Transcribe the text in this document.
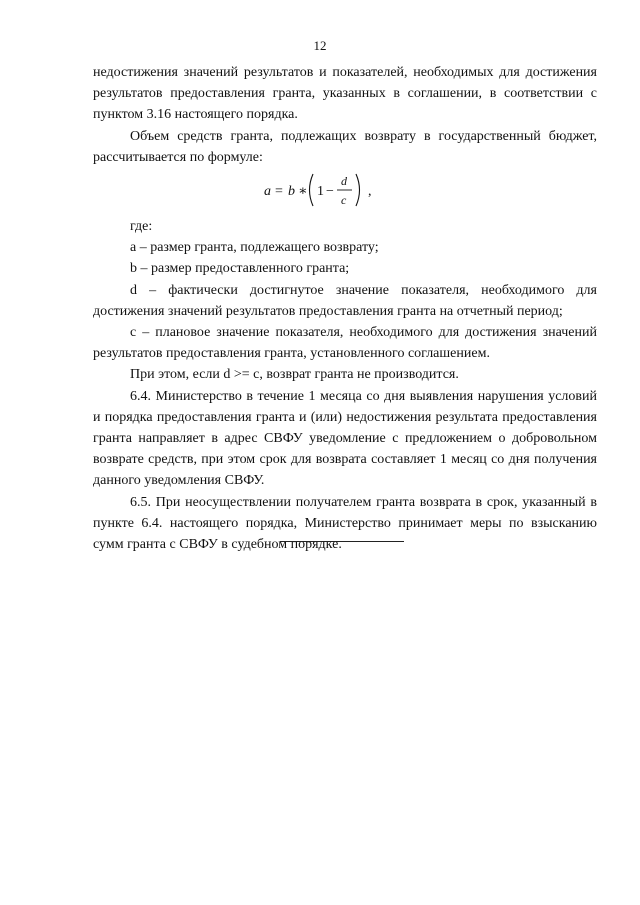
12

недостижения значений результатов и показателей, необходимых для достижения результатов предоставления гранта, указанных в соглашении, в соответствии с пунктом 3.16 настоящего порядка.

Объем средств гранта, подлежащих возврату в государственный бюджет, рассчитывается по формуле:

a = b ∗ 1 −
d
c
,

где:

a – размер гранта, подлежащего возврату;

b – размер предоставленного гранта;

d – фактически достигнутое значение показателя, необходимого для достижения значений результатов предоставления гранта на отчетный период;

c – плановое значение показателя, необходимого для достижения значений результатов предоставления гранта, установленного соглашением.

При этом, если d >= c, возврат гранта не производится.

6.4. Министерство в течение 1 месяца со дня выявления нарушения условий и порядка предоставления гранта и (или) недостижения результата предоставления гранта направляет в адрес СВФУ уведомление с предложением о добровольном возврате средств, при этом срок для возврата составляет 1 месяц со дня получения данного уведомления СВФУ.

6.5. При неосуществлении получателем гранта возврата в срок, указанный в пункте 6.4. настоящего порядка, Министерство принимает меры по взысканию сумм гранта с СВФУ в судебном порядке.
